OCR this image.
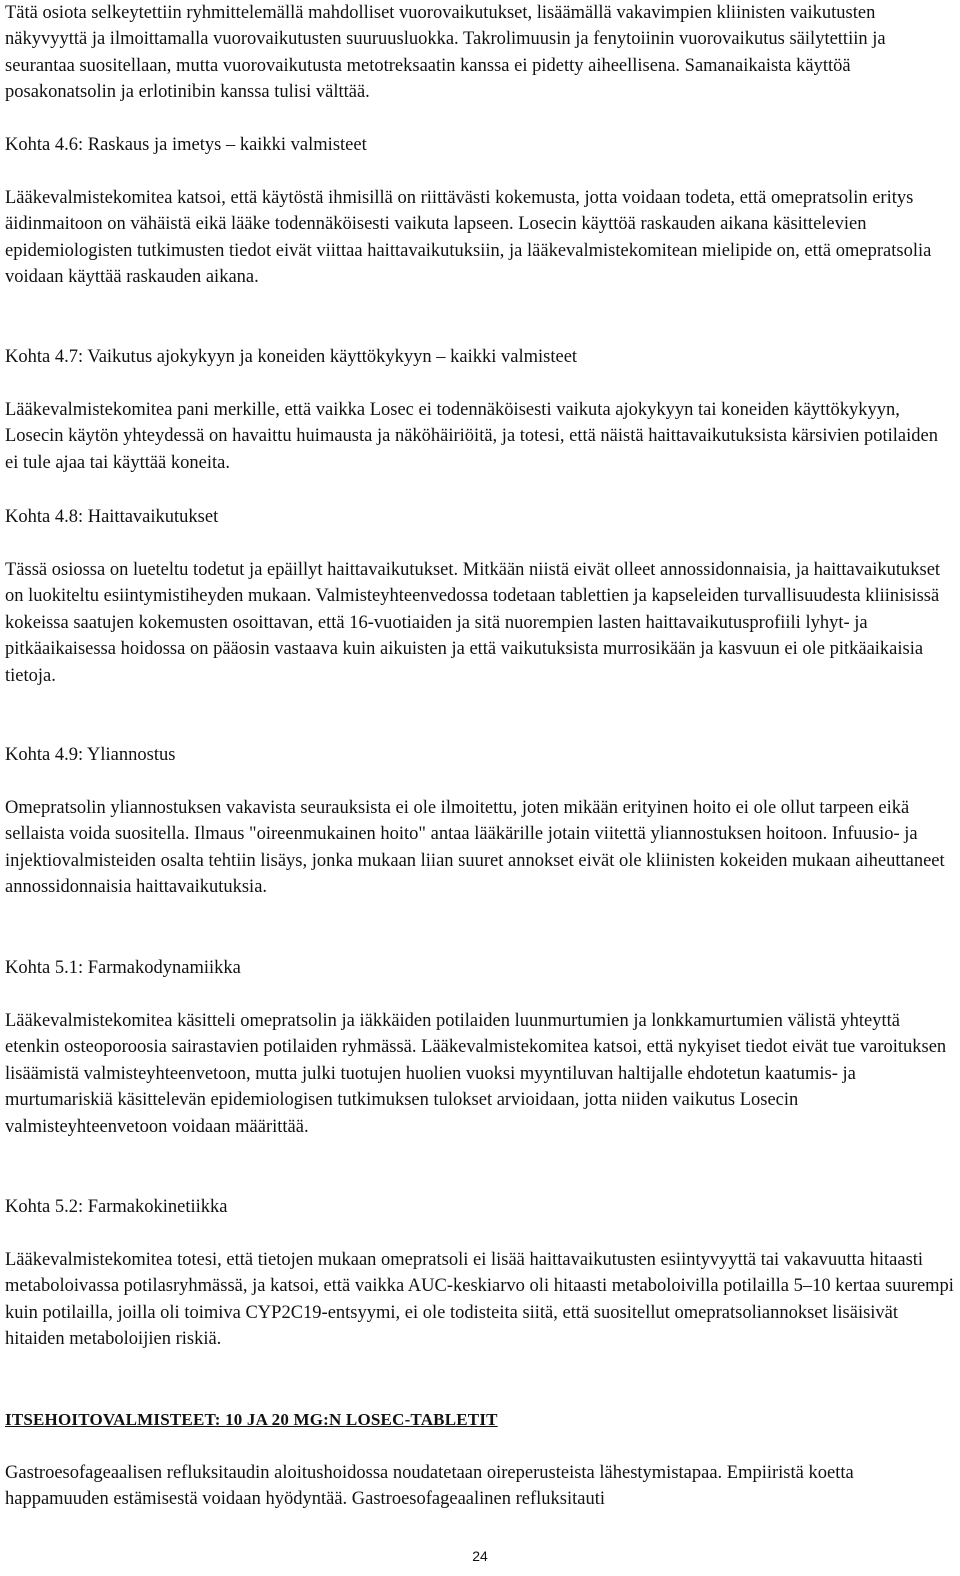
Tätä osiota selkeytettiin ryhmittelemällä mahdolliset vuorovaikutukset, lisäämällä vakavimpien kliinisten vaikutusten näkyvyyttä ja ilmoittamalla vuorovaikutusten suuruusluokka. Takrolimuusin ja fenytoiinin vuorovaikutus säilytettiin ja seurantaa suositellaan, mutta vuorovaikutusta metotreksaatin kanssa ei pidetty aiheellisena. Samanaikaista käyttöä posakonatsolin ja erlotinibin kanssa tulisi välttää.

Kohta 4.6: Raskaus ja imetys – kaikki valmisteet

Lääkevalmistekomitea katsoi, että käytöstä ihmisillä on riittävästi kokemusta, jotta voidaan todeta, että omepratsolin eritys äidinmaitoon on vähäistä eikä lääke todennäköisesti vaikuta lapseen. Losecin käyttöä raskauden aikana käsittelevien epidemiologisten tutkimusten tiedot eivät viittaa haittavaikutuksiin, ja lääkevalmistekomitean mielipide on, että omepratsolia voidaan käyttää raskauden aikana.

Kohta 4.7: Vaikutus ajokykyyn ja koneiden käyttökykyyn – kaikki valmisteet

Lääkevalmistekomitea pani merkille, että vaikka Losec ei todennäköisesti vaikuta ajokykyyn tai koneiden käyttökykyyn, Losecin käytön yhteydessä on havaittu huimausta ja näköhäiriöitä, ja totesi, että näistä haittavaikutuksista kärsivien potilaiden ei tule ajaa tai käyttää koneita.

Kohta 4.8: Haittavaikutukset

Tässä osiossa on lueteltu todetut ja epäillyt haittavaikutukset. Mitkään niistä eivät olleet annossidonnaisia, ja haittavaikutukset on luokiteltu esiintymistiheyden mukaan. Valmisteyhteenvedossa todetaan tablettien ja kapseleiden turvallisuudesta kliinisissä kokeissa saatujen kokemusten osoittavan, että 16-vuotiaiden ja sitä nuorempien lasten haittavaikutusprofiili lyhyt- ja pitkäaikaisessa hoidossa on pääosin vastaava kuin aikuisten ja että vaikutuksista murrosikään ja kasvuun ei ole pitkäaikaisia tietoja.

Kohta 4.9: Yliannostus

Omepratsolin yliannostuksen vakavista seurauksista ei ole ilmoitettu, joten mikään erityinen hoito ei ole ollut tarpeen eikä sellaista voida suositella. Ilmaus "oireenmukainen hoito" antaa lääkärille jotain viitettä yliannostuksen hoitoon. Infuusio- ja injektiovalmisteiden osalta tehtiin lisäys, jonka mukaan liian suuret annokset eivät ole kliinisten kokeiden mukaan aiheuttaneet annossidonnaisia haittavaikutuksia.

Kohta 5.1: Farmakodynamiikka

Lääkevalmistekomitea käsitteli omepratsolin ja iäkkäiden potilaiden luunmurtumien ja lonkkamurtumien välistä yhteyttä etenkin osteoporoosia sairastavien potilaiden ryhmässä. Lääkevalmistekomitea katsoi, että nykyiset tiedot eivät tue varoituksen lisäämistä valmisteyhteenvetoon, mutta julki tuotujen huolien vuoksi myyntiluvan haltijalle ehdotetun kaatumis- ja murtumariskiä käsittelevän epidemiologisen tutkimuksen tulokset arvioidaan, jotta niiden vaikutus Losecin valmisteyhteenvetoon voidaan määrittää.

Kohta 5.2: Farmakokinetiikka

Lääkevalmistekomitea totesi, että tietojen mukaan omepratsoli ei lisää haittavaikutusten esiintyvyyttä tai vakavuutta hitaasti metaboloivassa potilasryhmässä, ja katsoi, että vaikka AUC-keskiarvo oli hitaasti metaboloivilla potilailla 5–10 kertaa suurempi kuin potilailla, joilla oli toimiva CYP2C19-entsyymi, ei ole todisteita siitä, että suositellut omepratsoliannokset lisäisivät hitaiden metaboloijien riskiä.

ITSEHOITOVALMISTEET: 10 JA 20 MG:N LOSEC-TABLETIT

Gastroesofageaalisen refluksitaudin aloitushoidossa noudatetaan oireperusteista lähestymistapaa. Empiiristä koetta happamuuden estämisestä voidaan hyödyntää. Gastroesofageaalinen refluksitauti

24
